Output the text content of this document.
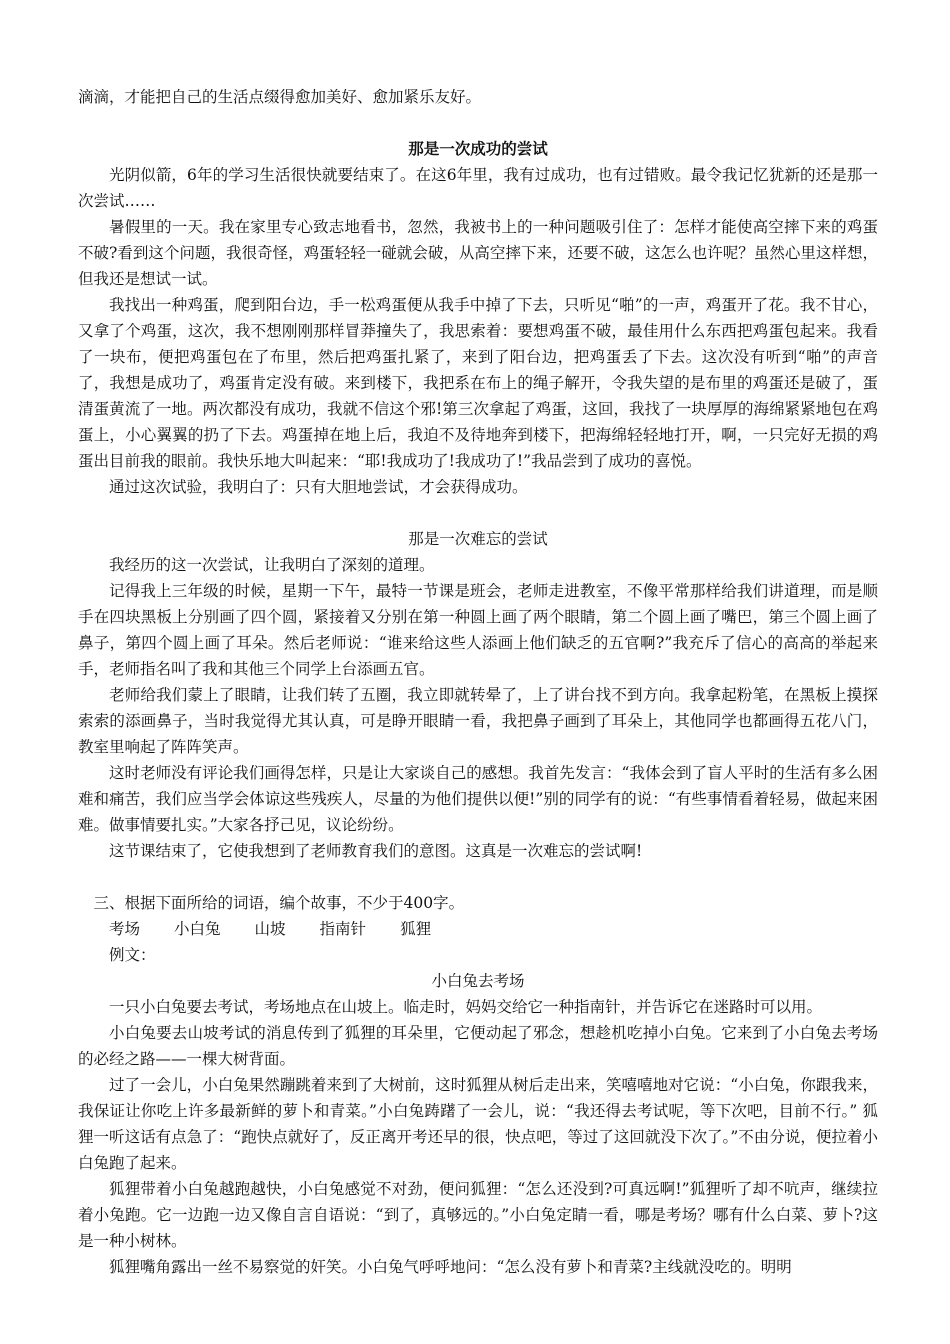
滴滴，才能把自己的生活点缀得愈加美好、愈加紧乐友好。

那是一次成功的尝试

光阴似箭，6年的学习生活很快就要结束了。在这6年里，我有过成功，也有过错败。最令我记忆犹新的还是那一次尝试……

暑假里的一天。我在家里专心致志地看书，忽然，我被书上的一种问题吸引住了：怎样才能使高空摔下来的鸡蛋不破?看到这个问题，我很奇怪，鸡蛋轻轻一碰就会破，从高空摔下来，还要不破，这怎么也许呢？虽然心里这样想，但我还是想试一试。

我找出一种鸡蛋，爬到阳台边，手一松鸡蛋便从我手中掉了下去，只听见“啪”的一声，鸡蛋开了花。我不甘心，又拿了个鸡蛋，这次，我不想刚刚那样冒莽撞失了，我思索着：要想鸡蛋不破，最佳用什么东西把鸡蛋包起来。我看了一块布，便把鸡蛋包在了布里，然后把鸡蛋扎紧了，来到了阳台边，把鸡蛋丢了下去。这次没有听到“啪”的声音了，我想是成功了，鸡蛋肯定没有破。来到楼下，我把系在布上的绳子解开，令我失望的是布里的鸡蛋还是破了，蛋清蛋黄流了一地。两次都没有成功，我就不信这个邪!第三次拿起了鸡蛋，这回，我找了一块厚厚的海绵紧紧地包在鸡蛋上，小心翼翼的扔了下去。鸡蛋掉在地上后，我迫不及待地奔到楼下，把海绵轻轻地打开，啊，一只完好无损的鸡蛋出目前我的眼前。我快乐地大叫起来：“耶!我成功了!我成功了!”我品尝到了成功的喜悦。

通过这次试验，我明白了：只有大胆地尝试，才会获得成功。

那是一次难忘的尝试

我经历的这一次尝试，让我明白了深刻的道理。

记得我上三年级的时候，星期一下午，最特一节课是班会，老师走进教室，不像平常那样给我们讲道理，而是顺手在四块黑板上分别画了四个圆，紧接着又分别在第一种圆上画了两个眼睛，第二个圆上画了嘴巴，第三个圆上画了鼻子，第四个圆上画了耳朵。然后老师说：“谁来给这些人添画上他们缺乏的五官啊?”我充斥了信心的高高的举起来手，老师指名叫了我和其他三个同学上台添画五官。

老师给我们蒙上了眼睛，让我们转了五圈，我立即就转晕了，上了讲台找不到方向。我拿起粉笔，在黑板上摸探索索的添画鼻子，当时我觉得尤其认真，可是睁开眼睛一看，我把鼻子画到了耳朵上，其他同学也都画得五花八门，教室里响起了阵阵笑声。

这时老师没有评论我们画得怎样，只是让大家谈自己的感想。我首先发言：“我体会到了盲人平时的生活有多么困难和痛苦，我们应当学会体谅这些残疾人，尽量的为他们提供以便!”别的同学有的说：“有些事情看着轻易，做起来困难。做事情要扎实。”大家各抒己见，议论纷纷。

这节课结束了，它使我想到了老师教育我们的意图。这真是一次难忘的尝试啊!

三、根据下面所给的词语，编个故事，不少于400字。

考场 小白兔 山坡 指南针 狐狸

例文：

小白兔去考场

一只小白兔要去考试，考场地点在山坡上。临走时，妈妈交给它一种指南针，并告诉它在迷路时可以用。

小白兔要去山坡考试的消息传到了狐狸的耳朵里，它便动起了邪念，想趁机吃掉小白兔。它来到了小白兔去考场的必经之路——一棵大树背面。

过了一会儿，小白兔果然蹦跳着来到了大树前，这时狐狸从树后走出来，笑嘻嘻地对它说：“小白兔，你跟我来，我保证让你吃上许多最新鲜的萝卜和青菜。”小白兔踌躇了一会儿，说：“我还得去考试呢，等下次吧，目前不行。” 狐狸一听这话有点急了：“跑快点就好了，反正离开考还早的很，快点吧，等过了这回就没下次了。”不由分说，便拉着小白兔跑了起来。

狐狸带着小白兔越跑越快，小白兔感觉不对劲，便问狐狸：“怎么还没到?可真远啊!”狐狸听了却不吭声，继续拉着小兔跑。它一边跑一边又像自言自语说：“到了，真够远的。”小白兔定睛一看，哪是考场？哪有什么白菜、萝卜?这是一种小树林。

狐狸嘴角露出一丝不易察觉的奸笑。小白兔气呼呼地问：“怎么没有萝卜和青菜?主线就没吃的。明明
